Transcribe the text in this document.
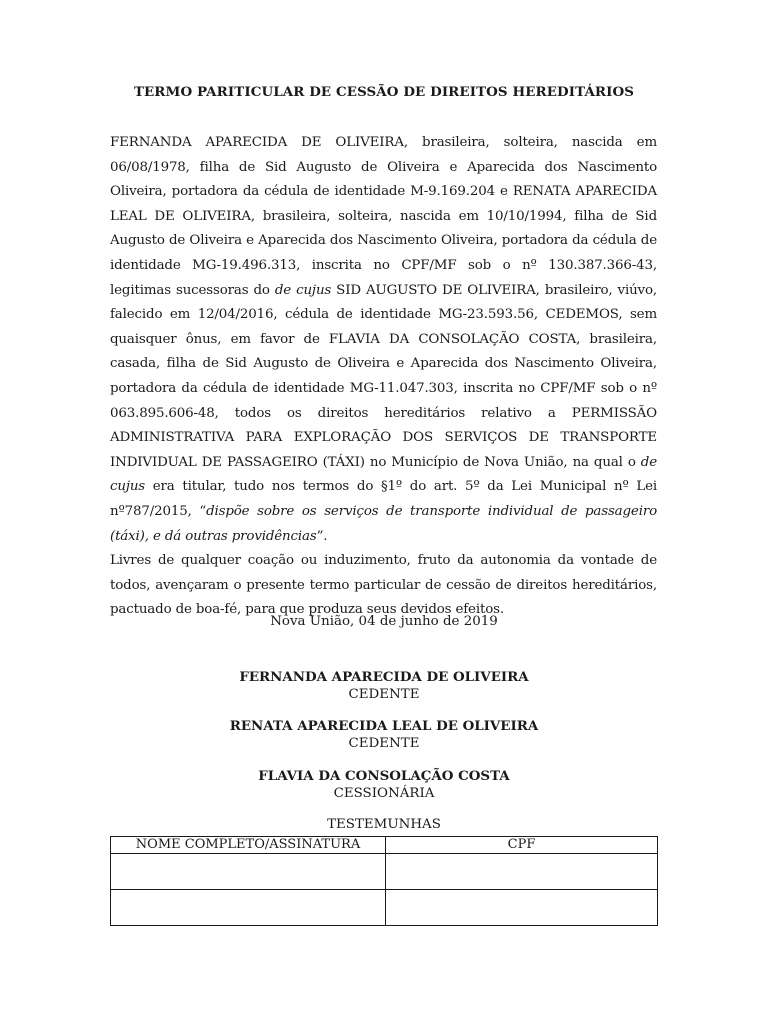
TERMO PARITICULAR DE CESSÃO DE DIREITOS HEREDITÁRIOS

FERNANDA APARECIDA DE OLIVEIRA, brasileira, solteira, nascida em 06/08/1978, filha de Sid Augusto de Oliveira e Aparecida dos Nascimento Oliveira, portadora da cédula de identidade M-9.169.204 e RENATA APARECIDA LEAL DE OLIVEIRA, brasileira, solteira, nascida em 10/10/1994, filha de Sid Augusto de Oliveira e Aparecida dos Nascimento Oliveira, portadora da cédula de identidade MG-19.496.313, inscrita no CPF/MF sob o nº 130.387.366-43, legitimas sucessoras do de cujus SID AUGUSTO DE OLIVEIRA, brasileiro, viúvo, falecido em 12/04/2016, cédula de identidade MG-23.593.56, CEDEMOS, sem quaisquer ônus, em favor de FLAVIA DA CONSOLAÇÃO COSTA, brasileira, casada, filha de Sid Augusto de Oliveira e Aparecida dos Nascimento Oliveira, portadora da cédula de identidade MG-11.047.303, inscrita no CPF/MF sob o nº 063.895.606-48, todos os direitos hereditários relativo a PERMISSÃO ADMINISTRATIVA PARA EXPLORAÇÃO DOS SERVIÇOS DE TRANSPORTE INDIVIDUAL DE PASSAGEIRO (TÁXI) no Município de Nova União, na qual o de cujus era titular, tudo nos termos do §1º do art. 5º da Lei Municipal nº Lei nº787/2015, “dispõe sobre os serviços de transporte individual de passageiro (táxi), e dá outras providências”.

Livres de qualquer coação ou induzimento, fruto da autonomia da vontade de todos, avençaram o presente termo particular de cessão de direitos hereditários, pactuado de boa-fé, para que produza seus devidos efeitos.

Nova União, 04 de junho de 2019
FERNANDA APARECIDA DE OLIVEIRA
CEDENTE
RENATA APARECIDA LEAL DE OLIVEIRA
CEDENTE
FLAVIA DA CONSOLAÇÃO COSTA
CESSIONÁRIA
TESTEMUNHAS
NOME COMPLETO/ASSINATURA	CPF
